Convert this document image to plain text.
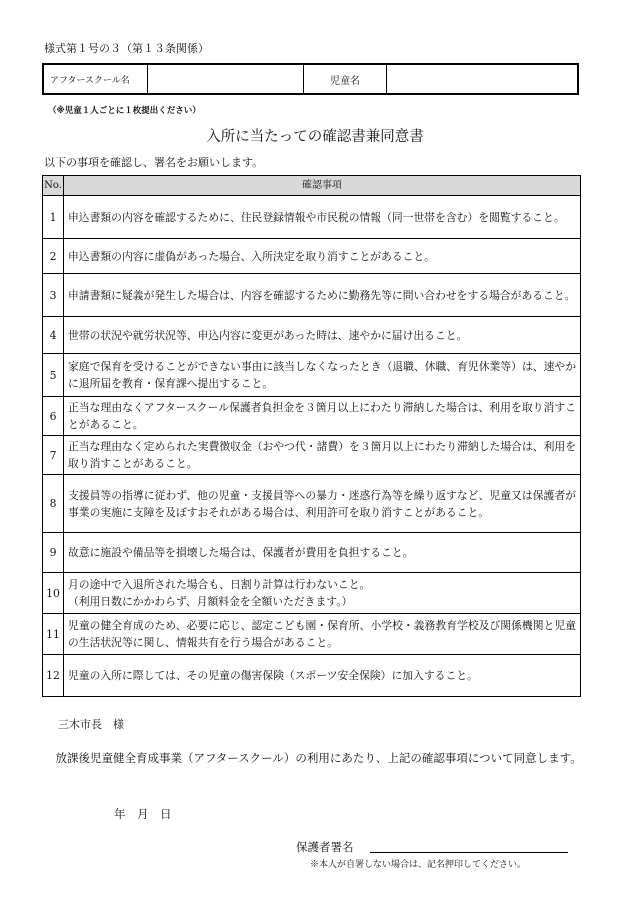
様式第１号の３（第１３条関係）
アフタースクール名	児童名
（※児童１人ごとに１枚提出ください）
入所に当たっての確認書兼同意書
以下の事項を確認し、署名をお願いします。
No.	確認事項
1	申込書類の内容を確認するために、住民登録情報や市民税の情報（同一世帯を含む）を閲覧すること。
2	申込書類の内容に虚偽があった場合、入所決定を取り消すことがあること。
3	申請書類に疑義が発生した場合は、内容を確認するために勤務先等に問い合わせをする場合があること。
4	世帯の状況や就労状況等、申込内容に変更があった時は、速やかに届け出ること。
5	家庭で保育を受けることができない事由に該当しなくなったとき（退職、休職、育児休業等）は、速やかに退所届を教育・保育課へ提出すること。
6	正当な理由なくアフタースクール保護者負担金を３箇月以上にわたり滞納した場合は、利用を取り消すことがあること。
7	正当な理由なく定められた実費徴収金（おやつ代・諸費）を３箇月以上にわたり滞納した場合は、利用を取り消すことがあること。
8	支援員等の指導に従わず、他の児童・支援員等への暴力・迷惑行為等を繰り返すなど、児童又は保護者が事業の実施に支障を及ぼすおそれがある場合は、利用許可を取り消すことがあること。
9	故意に施設や備品等を損壊した場合は、保護者が費用を負担すること。
10	月の途中で入退所された場合も、日割り計算は行わないこと。
（利用日数にかかわらず、月額料金を全額いただきます。）

11	児童の健全育成のため、必要に応じ、認定こども園・保育所、小学校・義務教育学校及び関係機関と児童の生活状況等に関し、情報共有を行う場合があること。
12	児童の入所に際しては、その児童の傷害保険（スポーツ安全保険）に加入すること。
三木市長　様
放課後児童健全育成事業（アフタースクール）の利用にあたり、上記の確認事項について同意します。
年　月　日
保護者署名
※本人が自署しない場合は、記名押印してください。
